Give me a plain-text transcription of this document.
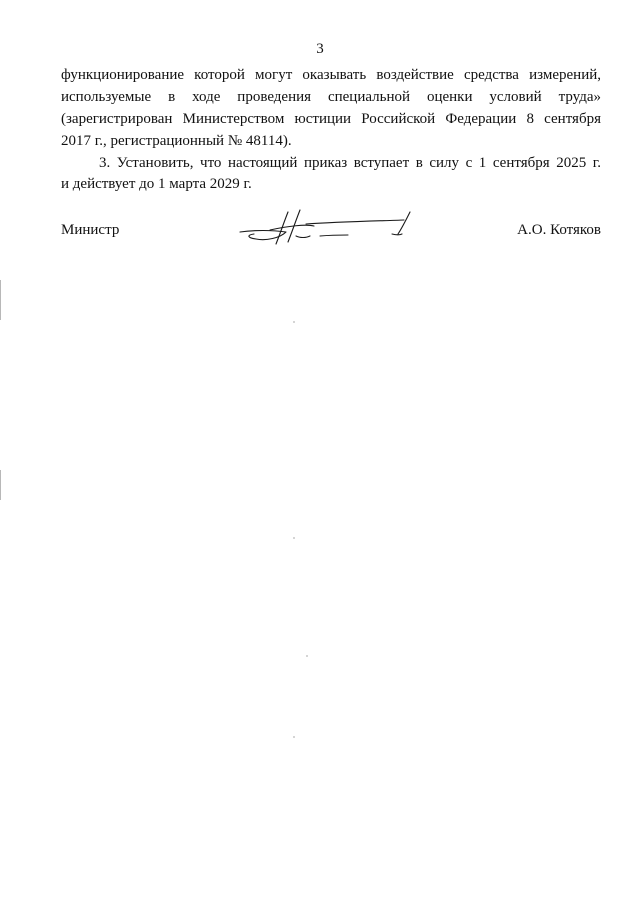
3
функционирование которой могут оказывать воздействие средства измерений,
используемые в ходе проведения специальной оценки условий труда»
(зарегистрирован Министерством юстиции Российской Федерации 8 сентября
2017 г., регистрационный № 48114).
3. Установить, что настоящий приказ вступает в силу с 1 сентября 2025 г.
и действует до 1 марта 2029 г.
Министр	А.О. Котяков
